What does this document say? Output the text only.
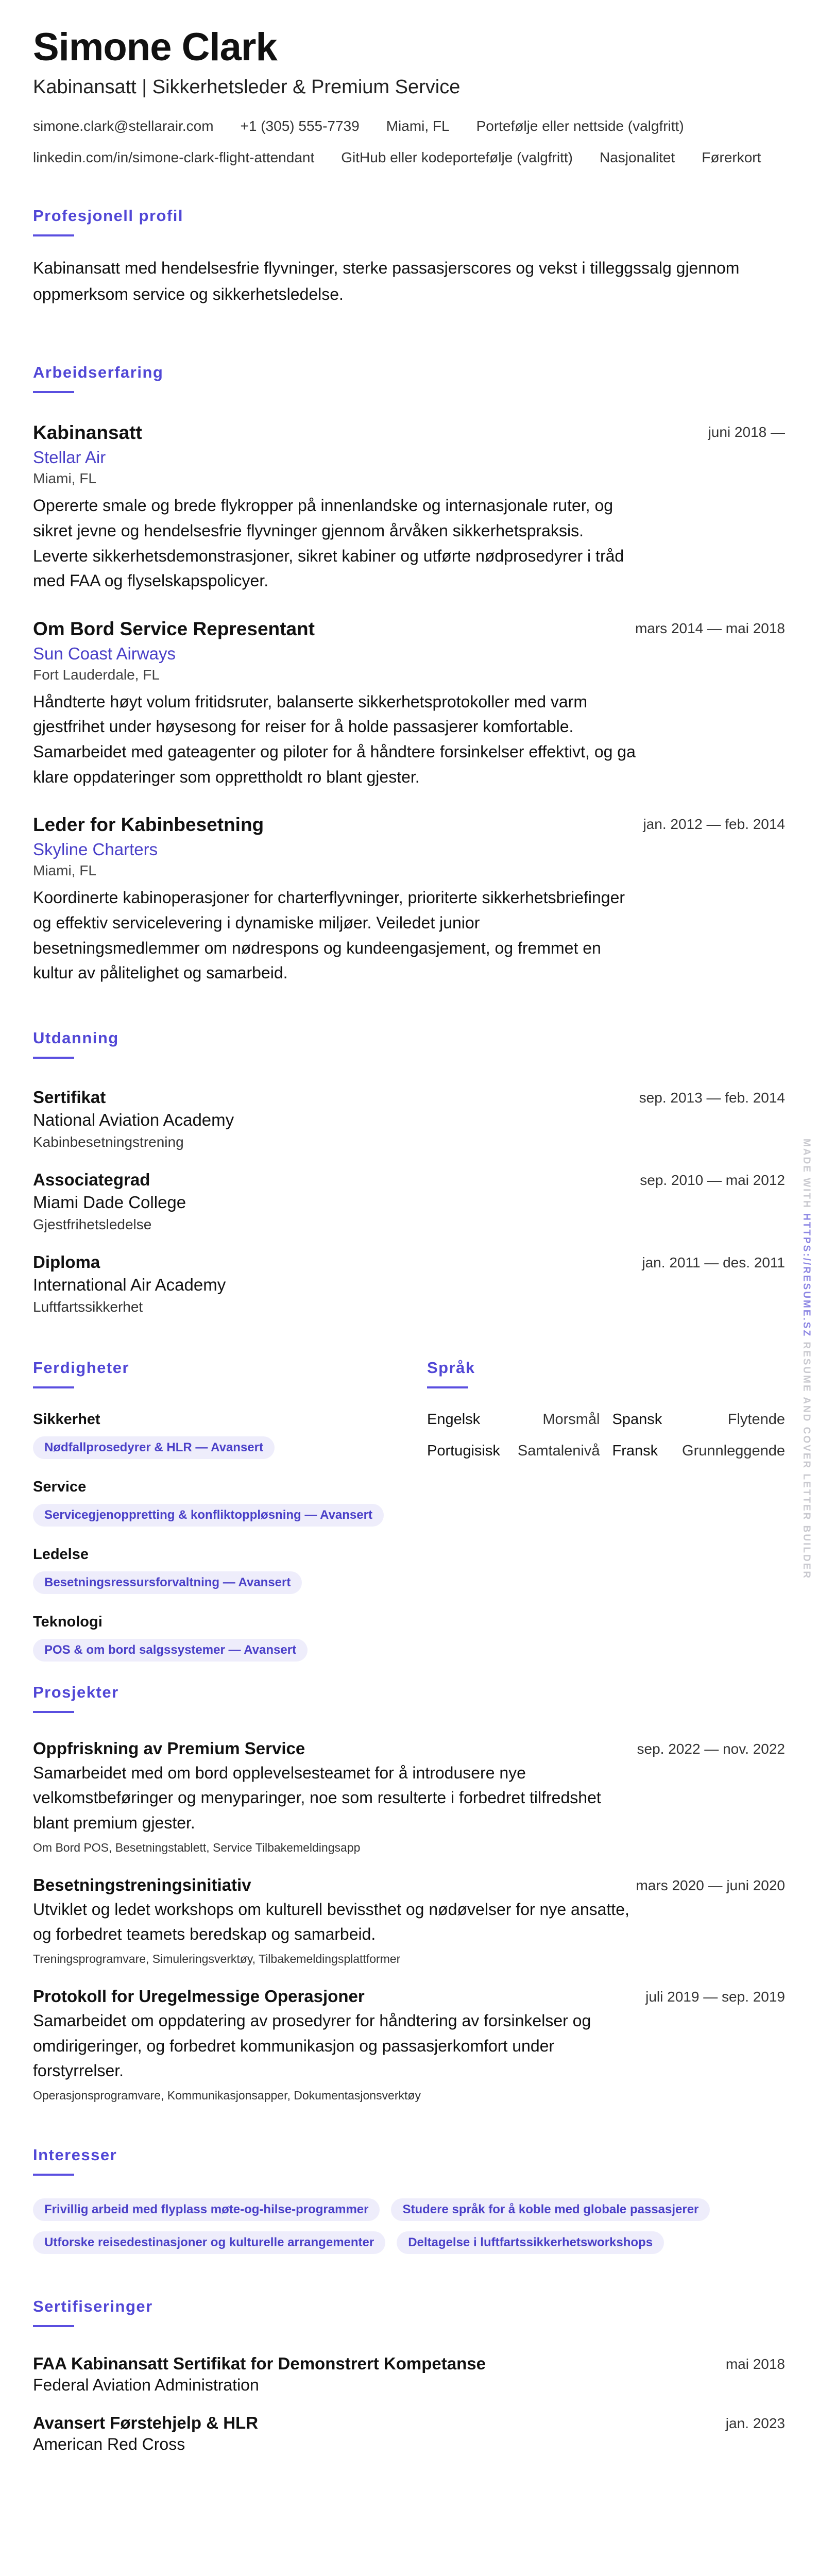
Simone Clark
Kabinansatt | Sikkerhetsleder & Premium Service
simone.clark@stellarair.com +1 (305) 555-7739 Miami, FL Portefølje eller nettside (valgfritt)
linkedin.com/in/simone-clark-flight-attendant GitHub eller kodeportefølje (valgfritt) Nasjonalitet Førerkort
Profesjonell profil
Kabinansatt med hendelsesfrie flyvninger, sterke passasjerscores og vekst i tilleggssalg gjennom oppmerksom service og sikkerhetsledelse.
Arbeidserfaring
juni 2018 —
Kabinansatt
Stellar Air
Miami, FL
Opererte smale og brede flykropper på innenlandske og internasjonale ruter, og sikret jevne og hendelsesfrie flyvninger gjennom årvåken sikkerhetspraksis. Leverte sikkerhetsdemonstrasjoner, sikret kabiner og utførte nødprosedyrer i tråd med FAA og flyselskapspolicyer.
mars 2014 — mai 2018
Om Bord Service Representant
Sun Coast Airways
Fort Lauderdale, FL
Håndterte høyt volum fritidsruter, balanserte sikkerhetsprotokoller med varm gjestfrihet under høysesong for reiser for å holde passasjerer komfortable. Samarbeidet med gateagenter og piloter for å håndtere forsinkelser effektivt, og ga klare oppdateringer som opprettholdt ro blant gjester.
jan. 2012 — feb. 2014
Leder for Kabinbesetning
Skyline Charters
Miami, FL
Koordinerte kabinoperasjoner for charterflyvninger, prioriterte sikkerhetsbriefinger og effektiv servicelevering i dynamiske miljøer. Veiledet junior besetningsmedlemmer om nødrespons og kundeengasjement, og fremmet en kultur av pålitelighet og samarbeid.
Utdanning
sep. 2013 — feb. 2014
Sertifikat
National Aviation Academy
Kabinbesetningstrening
sep. 2010 — mai 2012
Associategrad
Miami Dade College
Gjestfrihetsledelse
jan. 2011 — des. 2011
Diploma
International Air Academy
Luftfartssikkerhet
Ferdigheter
Sikkerhet
Nødfallprosedyrer & HLR — Avansert
Service
Servicegjenoppretting & konfliktoppløsning — Avansert
Ledelse
Besetningsressursforvaltning — Avansert
Teknologi
POS & om bord salgssystemer — Avansert
Språk
Engelsk	Morsmål Spansk	Flytende
Portugisisk Samtalenivå Fransk Grunnleggende
Prosjekter
sep. 2022 — nov. 2022
Oppfriskning av Premium Service
Samarbeidet med om bord opplevelsesteamet for å introdusere nye velkomstbeføringer og menyparinger, noe som resulterte i forbedret tilfredshet blant premium gjester.
Om Bord POS, Besetningstablett, Service Tilbakemeldingsapp
mars 2020 — juni 2020
Besetningstreningsinitiativ
Utviklet og ledet workshops om kulturell bevissthet og nødøvelser for nye ansatte, og forbedret teamets beredskap og samarbeid.
Treningsprogramvare, Simuleringsverktøy, Tilbakemeldingsplattformer
juli 2019 — sep. 2019
Protokoll for Uregelmessige Operasjoner
Samarbeidet om oppdatering av prosedyrer for håndtering av forsinkelser og omdirigeringer, og forbedret kommunikasjon og passasjerkomfort under forstyrrelser.
Operasjonsprogramvare, Kommunikasjonsapper, Dokumentasjonsverktøy
Interesser
Frivillig arbeid med flyplass møte-og-hilse-programmer	Studere språk for å koble med globale passasjerer
Utforske reisedestinasjoner og kulturelle arrangementer	Deltagelse i luftfartssikkerhetsworkshops
Sertifiseringer
mai 2018
FAA Kabinansatt Sertifikat for Demonstrert Kompetanse
Federal Aviation Administration
jan. 2023
Avansert Førstehjelp & HLR
American Red Cross
MADE WITH HTTPS://RESUME.SZ RESUME AND COVER LETTER BUILDER
